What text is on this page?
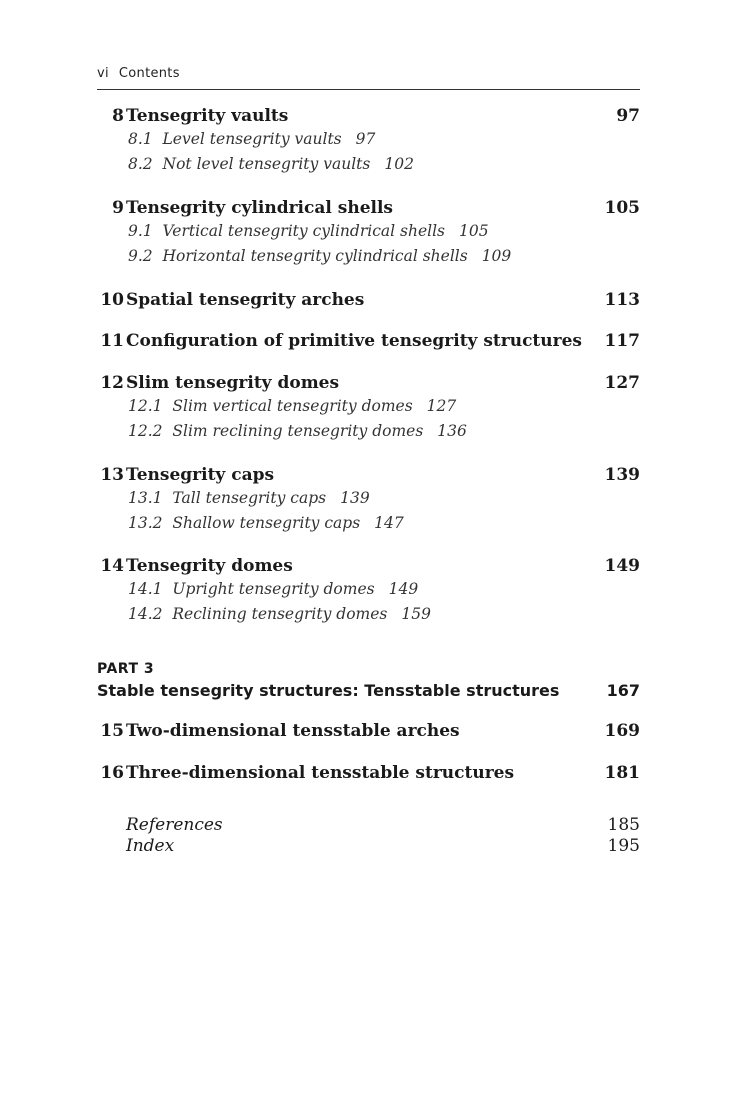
vi Contents
8 Tensegrity vaults	97
8.1 Level tensegrity vaults 97
8.2 Not level tensegrity vaults 102
9 Tensegrity cylindrical shells	105
9.1 Vertical tensegrity cylindrical shells 105
9.2 Horizontal tensegrity cylindrical shells 109
10 Spatial tensegrity arches	113
11 Configuration of primitive tensegrity structures 117
12 Slim tensegrity domes	127
12.1 Slim vertical tensegrity domes 127
12.2 Slim reclining tensegrity domes 136
13 Tensegrity caps	139
13.1 Tall tensegrity caps 139
13.2 Shallow tensegrity caps 147
14 Tensegrity domes	149
14.1 Upright tensegrity domes 149
14.2 Reclining tensegrity domes 159
PART 3
Stable tensegrity structures: Tensstable structures	167
15 Two-dimensional tensstable arches	169
16 Three-dimensional tensstable structures	181
References	185
Index	195
